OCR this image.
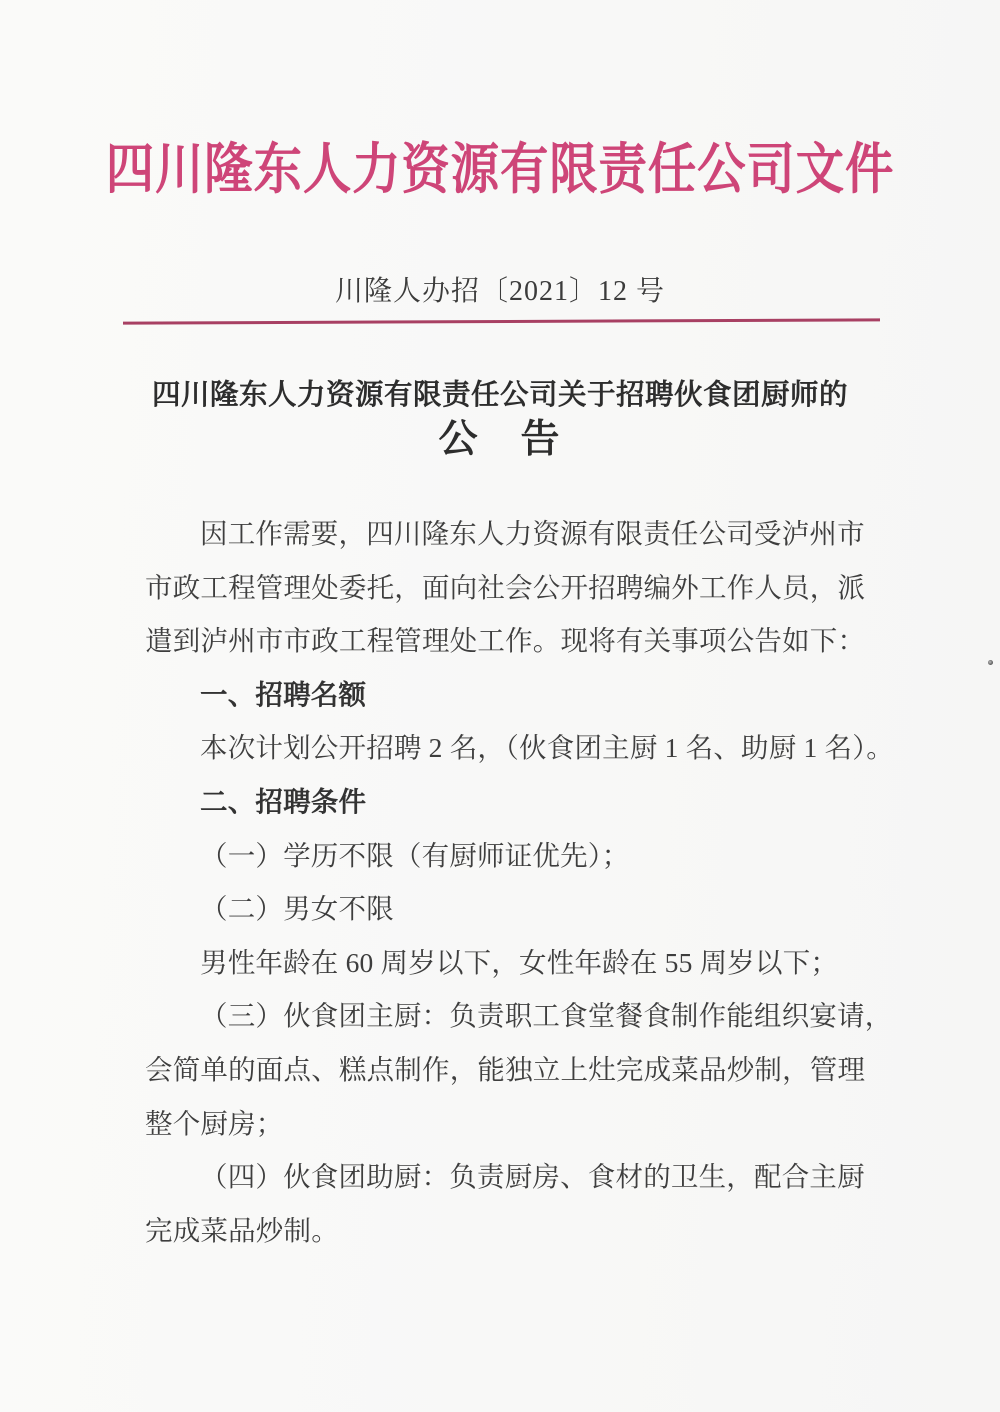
四川隆东人力资源有限责任公司文件
川隆人办招〔2021〕12 号
四川隆东人力资源有限责任公司关于招聘伙食团厨师的
公　告
因工作需要，四川隆东人力资源有限责任公司受泸州市
市政工程管理处委托，面向社会公开招聘编外工作人员，派
遣到泸州市市政工程管理处工作。现将有关事项公告如下：
一、招聘名额
本次计划公开招聘 2 名，（伙食团主厨 1 名、助厨 1 名）。
二、招聘条件
（一）学历不限（有厨师证优先）；
（二）男女不限
男性年龄在 60 周岁以下，女性年龄在 55 周岁以下；
（三）伙食团主厨：负责职工食堂餐食制作能组织宴请，
会简单的面点、糕点制作，能独立上灶完成菜品炒制，管理
整个厨房；
（四）伙食团助厨：负责厨房、食材的卫生，配合主厨
完成菜品炒制。
